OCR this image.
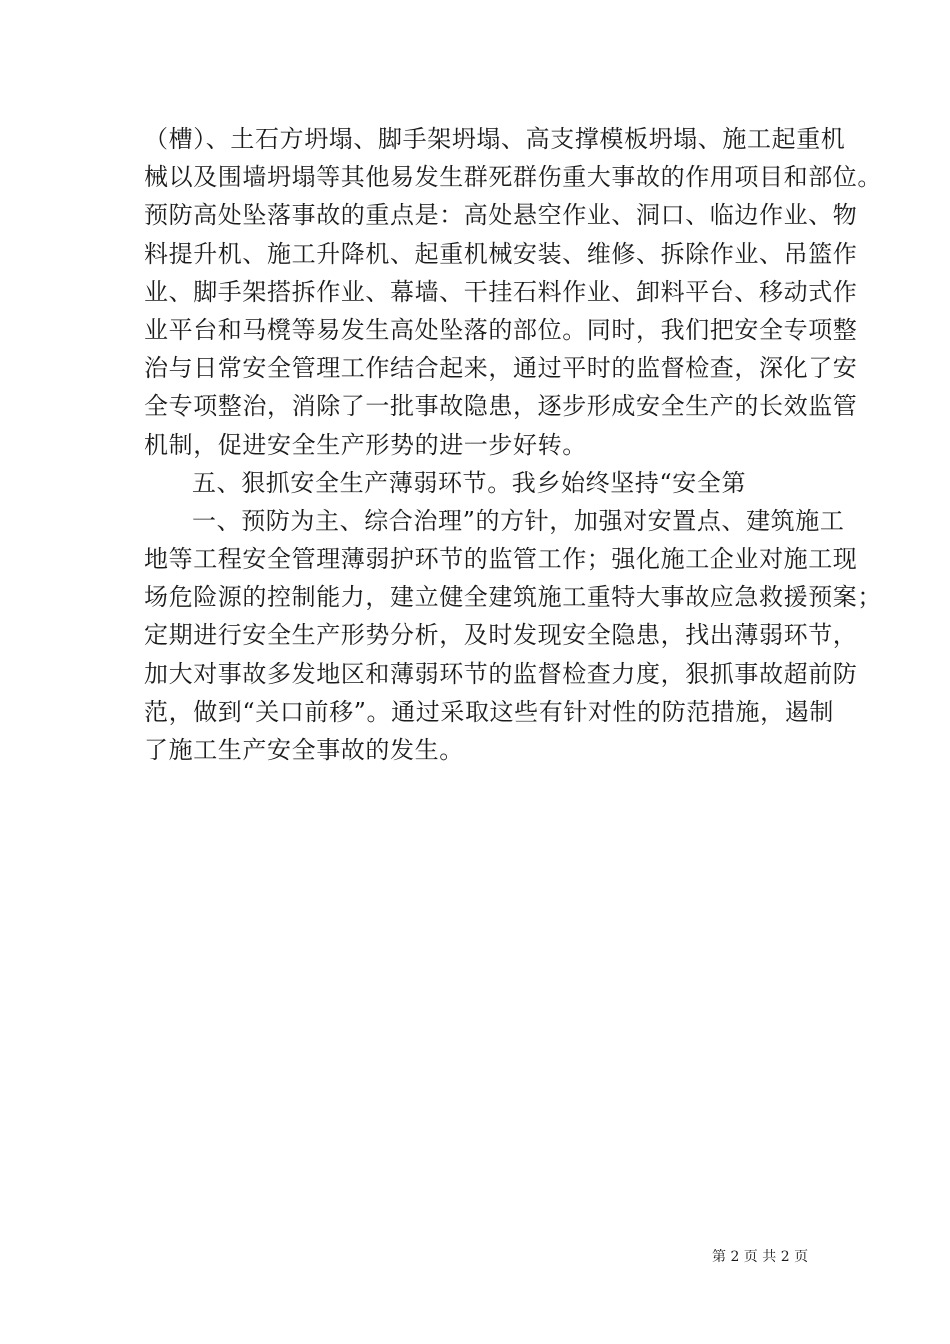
（槽）、土石方坍塌、脚手架坍塌、高支撑模板坍塌、施工起重机
械以及围墙坍塌等其他易发生群死群伤重大事故的作用项目和部位。
预防高处坠落事故的重点是：高处悬空作业、洞口、临边作业、物
料提升机、施工升降机、起重机械安装、维修、拆除作业、吊篮作
业、脚手架搭拆作业、幕墙、干挂石料作业、卸料平台、移动式作
业平台和马櫈等易发生高处坠落的部位。同时，我们把安全专项整
治与日常安全管理工作结合起来，通过平时的监督检查，深化了安
全专项整治，消除了一批事故隐患，逐步形成安全生产的长效监管
机制，促进安全生产形势的进一步好转。
五、狠抓安全生产薄弱环节。我乡始终坚持“安全第
一、预防为主、综合治理”的方针，加强对安置点、建筑施工
地等工程安全管理薄弱护环节的监管工作；强化施工企业对施工现
场危险源的控制能力，建立健全建筑施工重特大事故应急救援预案；
定期进行安全生产形势分析，及时发现安全隐患，找出薄弱环节，
加大对事故多发地区和薄弱环节的监督检查力度，狠抓事故超前防
范，做到“关口前移”。通过采取这些有针对性的防范措施，遏制
了施工生产安全事故的发生。
第 2 页 共 2 页
